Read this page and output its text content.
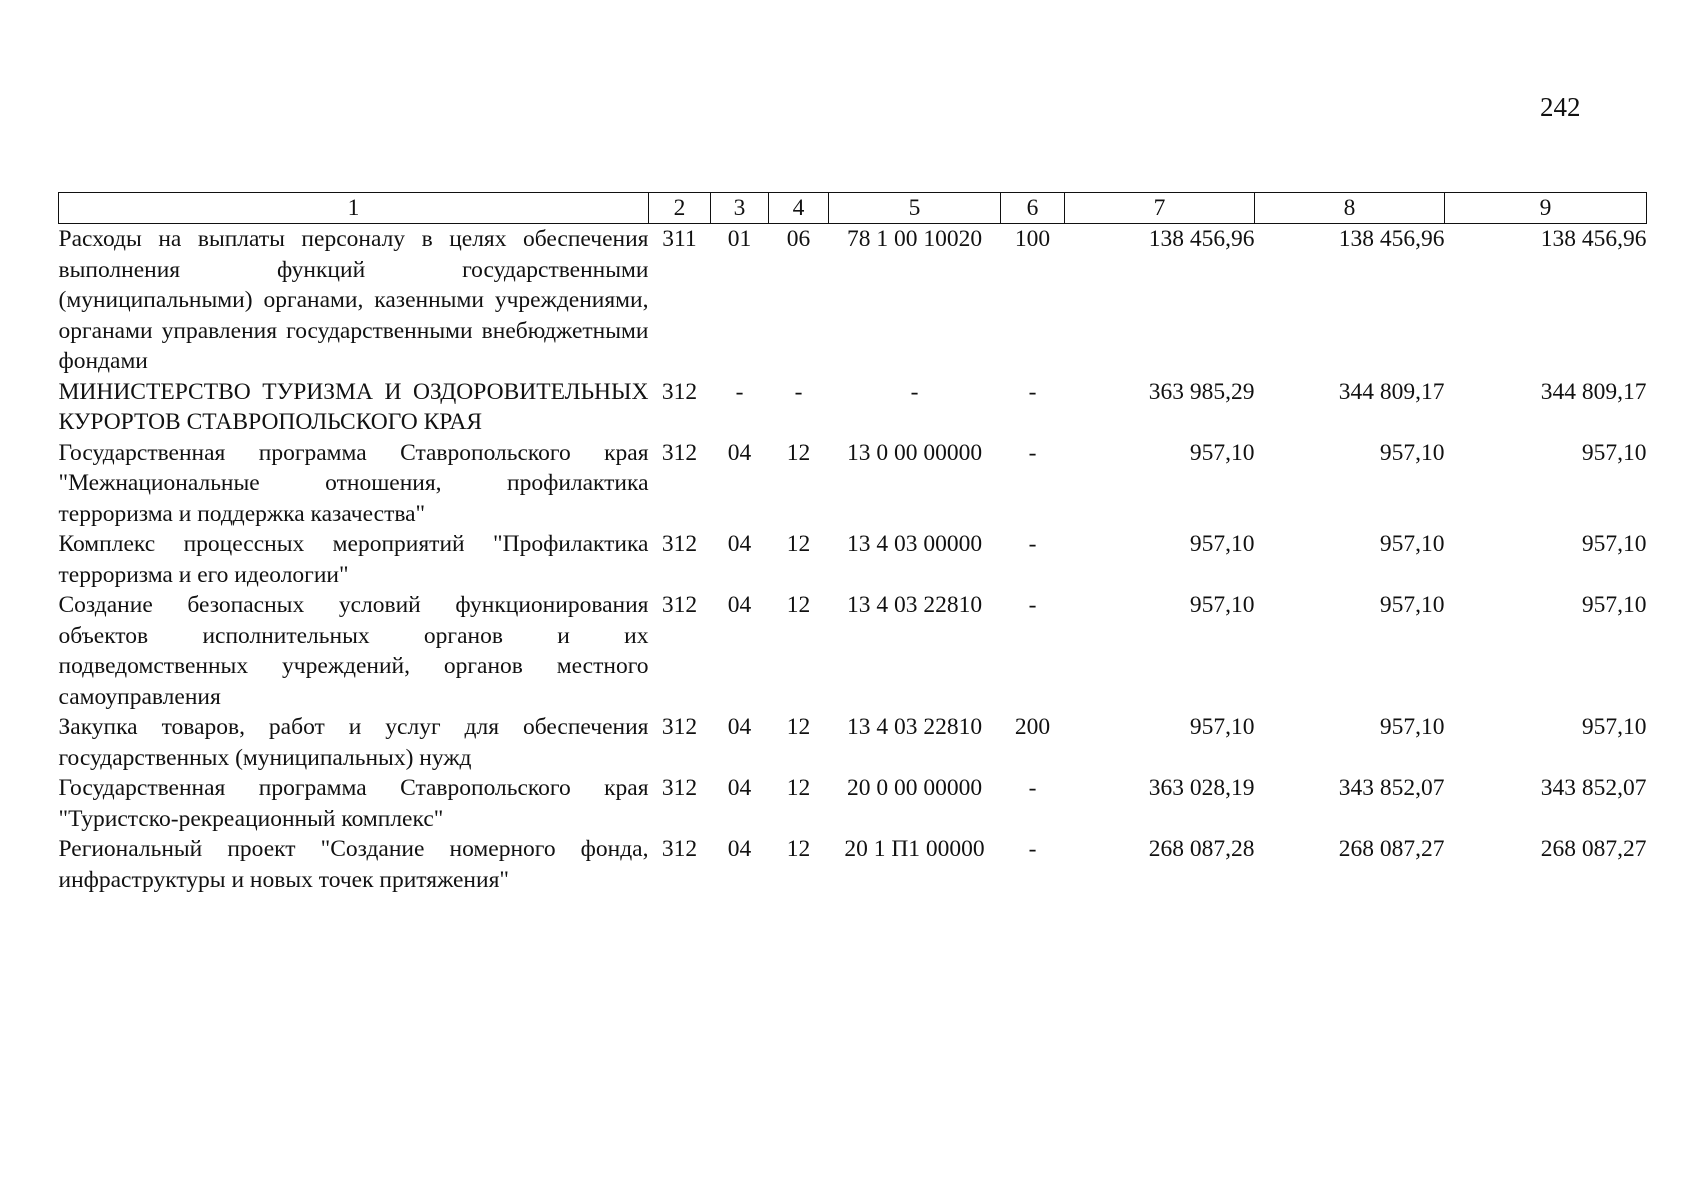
242
1	2	3	4	5	6	7	8	9
Расходы на выплаты персоналу в целях обеспечения выполнения функций государственными (муниципальными) органами, казенными учреждениями, органами управления государственными внебюджетными фондами	311	01	06	78 1 00 10020	100	138 456,96	138 456,96	138 456,96
МИНИСТЕРСТВО ТУРИЗМА И ОЗДОРОВИТЕЛЬНЫХ КУРОРТОВ СТАВРОПОЛЬСКОГО КРАЯ	312	-	-	-	-	363 985,29	344 809,17	344 809,17
Государственная программа Ставропольского края "Межнациональные отношения, профилактика терроризма и поддержка казачества"	312	04	12	13 0 00 00000	-	957,10	957,10	957,10
Комплекс процессных мероприятий "Профилактика терроризма и его идеологии"	312	04	12	13 4 03 00000	-	957,10	957,10	957,10
Создание безопасных условий функционирования объектов исполнительных органов и их подведомственных учреждений, органов местного самоуправления	312	04	12	13 4 03 22810	-	957,10	957,10	957,10
Закупка товаров, работ и услуг для обеспечения государственных (муниципальных) нужд	312	04	12	13 4 03 22810	200	957,10	957,10	957,10
Государственная программа Ставропольского края "Туристско-рекреационный комплекс"	312	04	12	20 0 00 00000	-	363 028,19	343 852,07	343 852,07
Региональный проект "Создание номерного фонда, инфраструктуры и новых точек притяжения"	312	04	12	20 1 П1 00000	-	268 087,28	268 087,27	268 087,27
